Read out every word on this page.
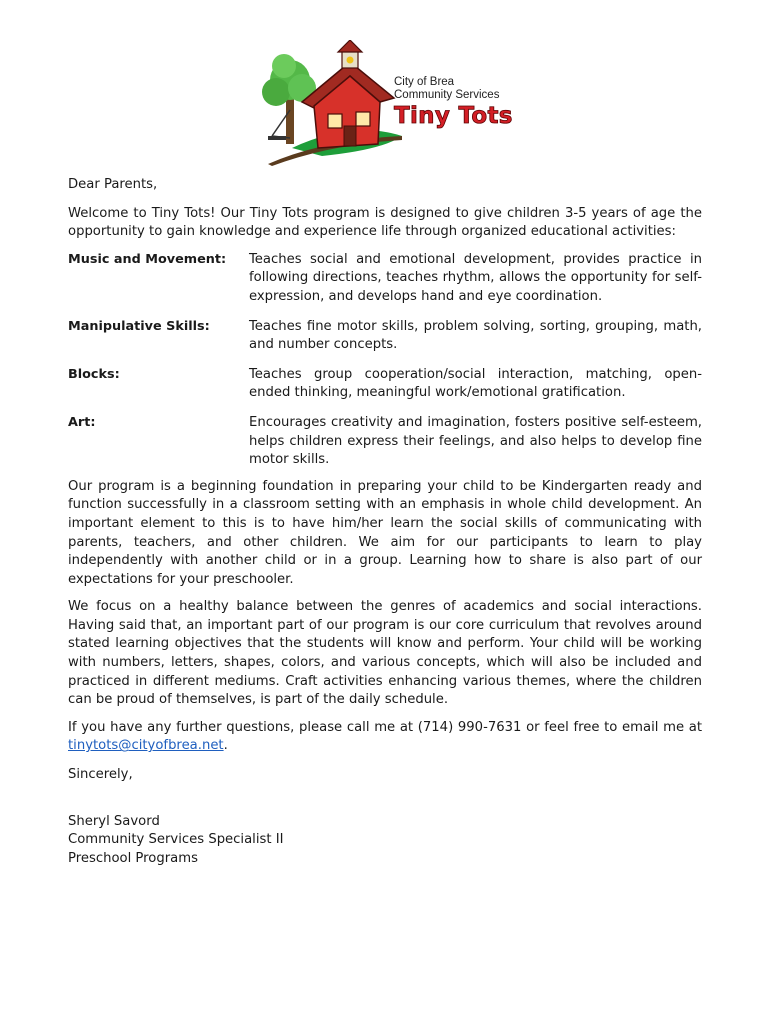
City of Brea
Community Services
Tiny Tots

Dear Parents,

Welcome to Tiny Tots! Our Tiny Tots program is designed to give children 3-5 years of age the opportunity to gain knowledge and experience life through organized educational activities:

Music and Movement:	Teaches social and emotional development, provides practice in following directions, teaches rhythm, allows the opportunity for self-expression, and develops hand and eye coordination.
Manipulative Skills:	Teaches fine motor skills, problem solving, sorting, grouping, math, and number concepts.
Blocks:	Teaches group cooperation/social interaction, matching, open-ended thinking, meaningful work/emotional gratification.
Art:	Encourages creativity and imagination, fosters positive self-esteem, helps children express their feelings, and also helps to develop fine motor skills.

Our program is a beginning foundation in preparing your child to be Kindergarten ready and function successfully in a classroom setting with an emphasis in whole child development. An important element to this is to have him/her learn the social skills of communicating with parents, teachers, and other children. We aim for our participants to learn to play independently with another child or in a group. Learning how to share is also part of our expectations for your preschooler.

We focus on a healthy balance between the genres of academics and social interactions. Having said that, an important part of our program is our core curriculum that revolves around stated learning objectives that the students will know and perform. Your child will be working with numbers, letters, shapes, colors, and various concepts, which will also be included and practiced in different mediums. Craft activities enhancing various themes, where the children can be proud of themselves, is part of the daily schedule.

If you have any further questions, please call me at (714) 990-7631 or feel free to email me at tinytots@cityofbrea.net.

Sincerely,

Sheryl Savord

Community Services Specialist II

Preschool Programs
